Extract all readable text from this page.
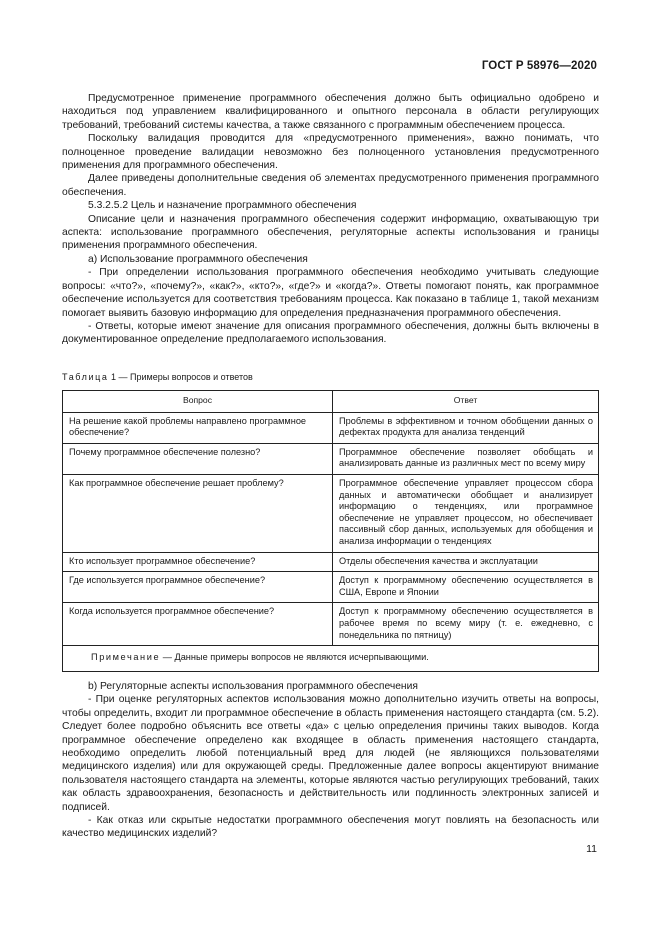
ГОСТ Р 58976—2020

Предусмотренное применение программного обеспечения должно быть официально одобрено и находиться под управлением квалифицированного и опытного персонала в области регулирующих требований, требований системы качества, а также связанного с программным обеспечением процесса.

Поскольку валидация проводится для «предусмотренного применения», важно понимать, что полноценное проведение валидации невозможно без полноценного установления предусмотренного применения для программного обеспечения.

Далее приведены дополнительные сведения об элементах предусмотренного применения программного обеспечения.

5.3.2.5.2 Цель и назначение программного обеспечения

Описание цели и назначения программного обеспечения содержит информацию, охватывающую три аспекта: использование программного обеспечения, регуляторные аспекты использования и границы применения программного обеспечения.

а) Использование программного обеспечения

- При определении использования программного обеспечения необходимо учитывать следующие вопросы: «что?», «почему?», «как?», «кто?», «где?» и «когда?». Ответы помогают понять, как программное обеспечение используется для соответствия требованиям процесса. Как показано в таблице 1, такой механизм помогает выявить базовую информацию для определения предназначения программного обеспечения.

- Ответы, которые имеют значение для описания программного обеспечения, должны быть включены в документированное определение предполагаемого использования.

Таблица 1 — Примеры вопросов и ответов
Вопрос	Ответ
На решение какой проблемы направлено программное обеспечение?	Проблемы в эффективном и точном обобщении данных о дефектах продукта для анализа тенденций
Почему программное обеспечение полезно?	Программное обеспечение позволяет обобщать и анализировать данные из различных мест по всему миру
Как программное обеспечение решает проблему?	Программное обеспечение управляет процессом сбора данных и автоматически обобщает и анализирует информацию о тенденциях, или программное обеспечение не управляет процессом, но обеспечивает пассивный сбор данных, используемых для обобщения и анализа информации о тенденциях
Кто использует программное обеспечение?	Отделы обеспечения качества и эксплуатации
Где используется программное обеспечение?	Доступ к программному обеспечению осуществляется в США, Европе и Японии
Когда используется программное обеспечение?	Доступ к программному обеспечению осуществляется в рабочее время по всему миру (т. е. ежедневно, с понедельника по пятницу)
Примечание — Данные примеры вопросов не являются исчерпывающими.	

b) Регуляторные аспекты использования программного обеспечения

- При оценке регуляторных аспектов использования можно дополнительно изучить ответы на вопросы, чтобы определить, входит ли программное обеспечение в область применения настоящего стандарта (см. 5.2). Следует более подробно объяснить все ответы «да» с целью определения причины таких выводов. Когда программное обеспечение определено как входящее в область применения настоящего стандарта, необходимо определить любой потенциальный вред для людей (не являющихся пользователями медицинского изделия) или для окружающей среды. Предложенные далее вопросы акцентируют внимание пользователя настоящего стандарта на элементы, которые являются частью регулирующих требований, таких как область здравоохранения, безопасность и действительность или подлинность электронных записей и подписей.

- Как отказ или скрытые недостатки программного обеспечения могут повлиять на безопасность или качество медицинских изделий?

11
